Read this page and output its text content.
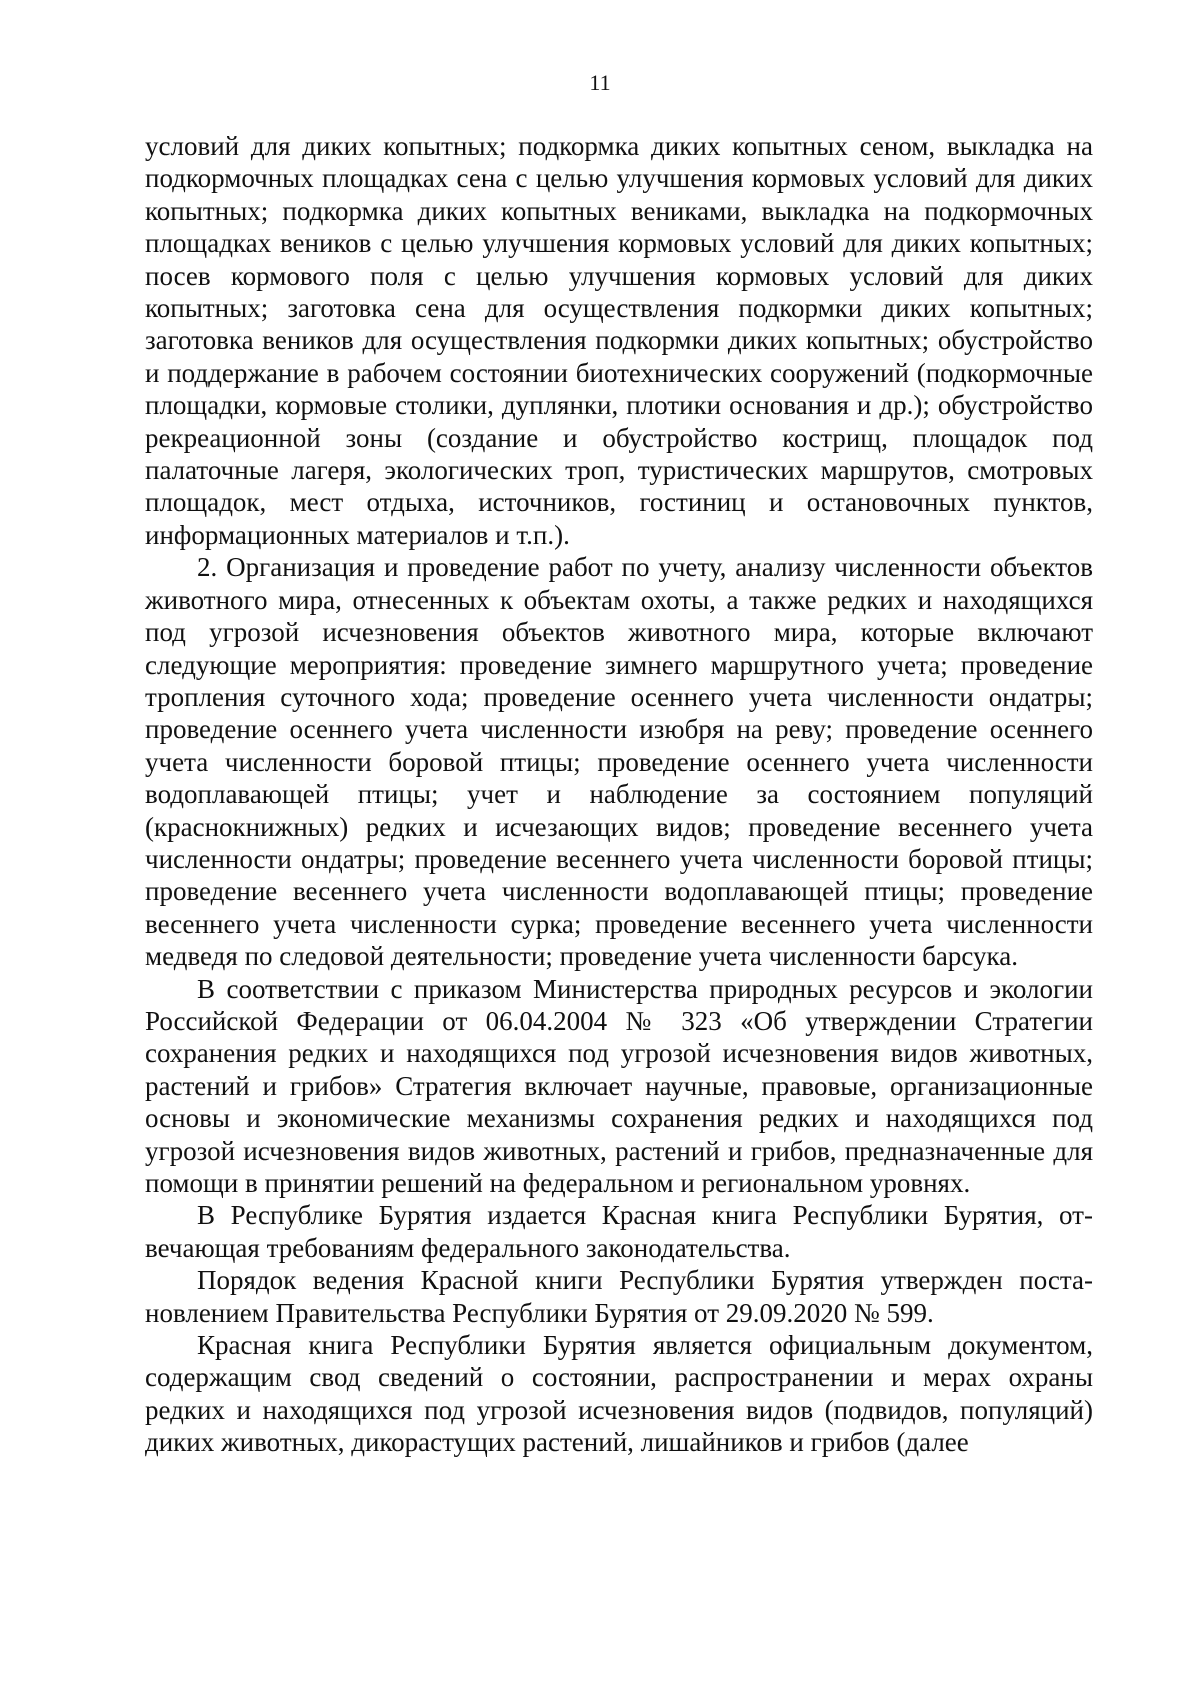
11

условий для диких копытных; подкормка диких копытных сеном, выкладка на подкормочных площадках сена с целью улучшения кормовых условий для диких копытных; подкормка диких копытных вениками, выкладка на подкормочных площадках веников с целью улучшения кормовых условий для диких копытных; посев кормового поля с целью улучшения кормовых условий для диких копытных; заготовка сена для осуществления подкормки диких копытных; заготовка веников для осуществления подкормки диких копытных; обустройство и поддержание в рабочем состоянии биотехнических сооружений (подкормочные площадки, кормовые столики, дуплянки, плотики основания и др.); обустройство рекреационной зоны (создание и обустройство кострищ, площадок под палаточные лагеря, экологических троп, туристических маршрутов, смотровых площадок, мест отдыха, источников, гостиниц и остановочных пунктов, информационных материалов и т.п.).

2. Организация и проведение работ по учету, анализу численности объектов животного мира, отнесенных к объектам охоты, а также редких и находящихся под угрозой исчезновения объектов животного мира, которые включают следующие мероприятия: проведение зимнего маршрутного учета; проведение тропления суточного хода; проведение осеннего учета численности ондатры; проведение осеннего учета численности изюбря на реву; проведение осеннего учета численности боровой птицы; проведение осеннего учета численности водоплавающей птицы; учет и наблюдение за состоянием популяций (краснокнижных) редких и исчезающих видов; проведение весеннего учета численности ондатры; проведение весеннего учета численности боровой птицы; проведение весеннего учета численности водоплавающей птицы; проведение весеннего учета численности сурка; проведение весеннего учета численности медведя по следовой деятельности; проведение учета численности барсука.

В соответствии с приказом Министерства природных ресурсов и экологии Российской Федерации от 06.04.2004 № 323 «Об утверждении Стратегии сохранения редких и находящихся под угрозой исчезновения видов животных, растений и грибов» Стратегия включает научные, правовые, организационные основы и экономические механизмы сохранения редких и находящихся под угрозой исчезновения видов животных, растений и грибов, предназначенные для помощи в принятии решений на федеральном и региональном уровнях.

В Республике Бурятия издается Красная книга Республики Бурятия, отвечающая требованиям федерального законодательства.

Порядок ведения Красной книги Республики Бурятия утвержден постановлением Правительства Республики Бурятия от 29.09.2020 № 599.

Красная книга Республики Бурятия является официальным документом, содержащим свод сведений о состоянии, распространении и мерах охраны редких и находящихся под угрозой исчезновения видов (подвидов, популяций) диких животных, дикорастущих растений, лишайников и грибов (далее
